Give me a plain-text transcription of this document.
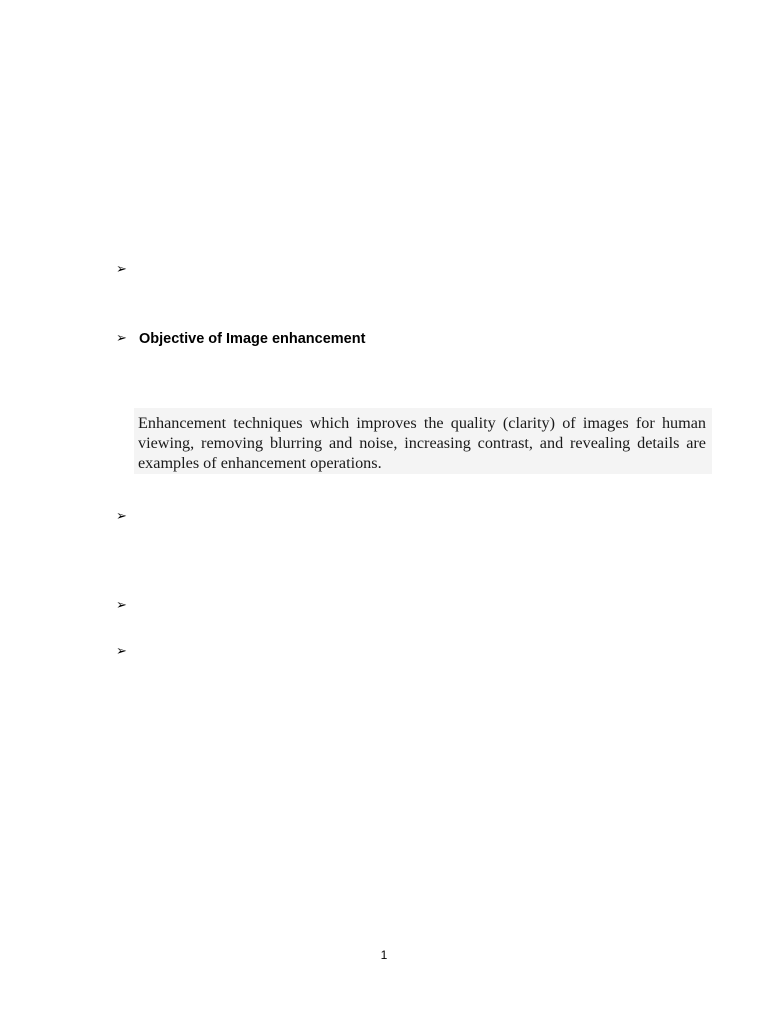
➢
➢ Objective of Image enhancement
Enhancement techniques which improves the quality (clarity) of images for human viewing, removing blurring and noise, increasing contrast, and revealing details are examples of enhancement operations.
➢
➢
➢
1
